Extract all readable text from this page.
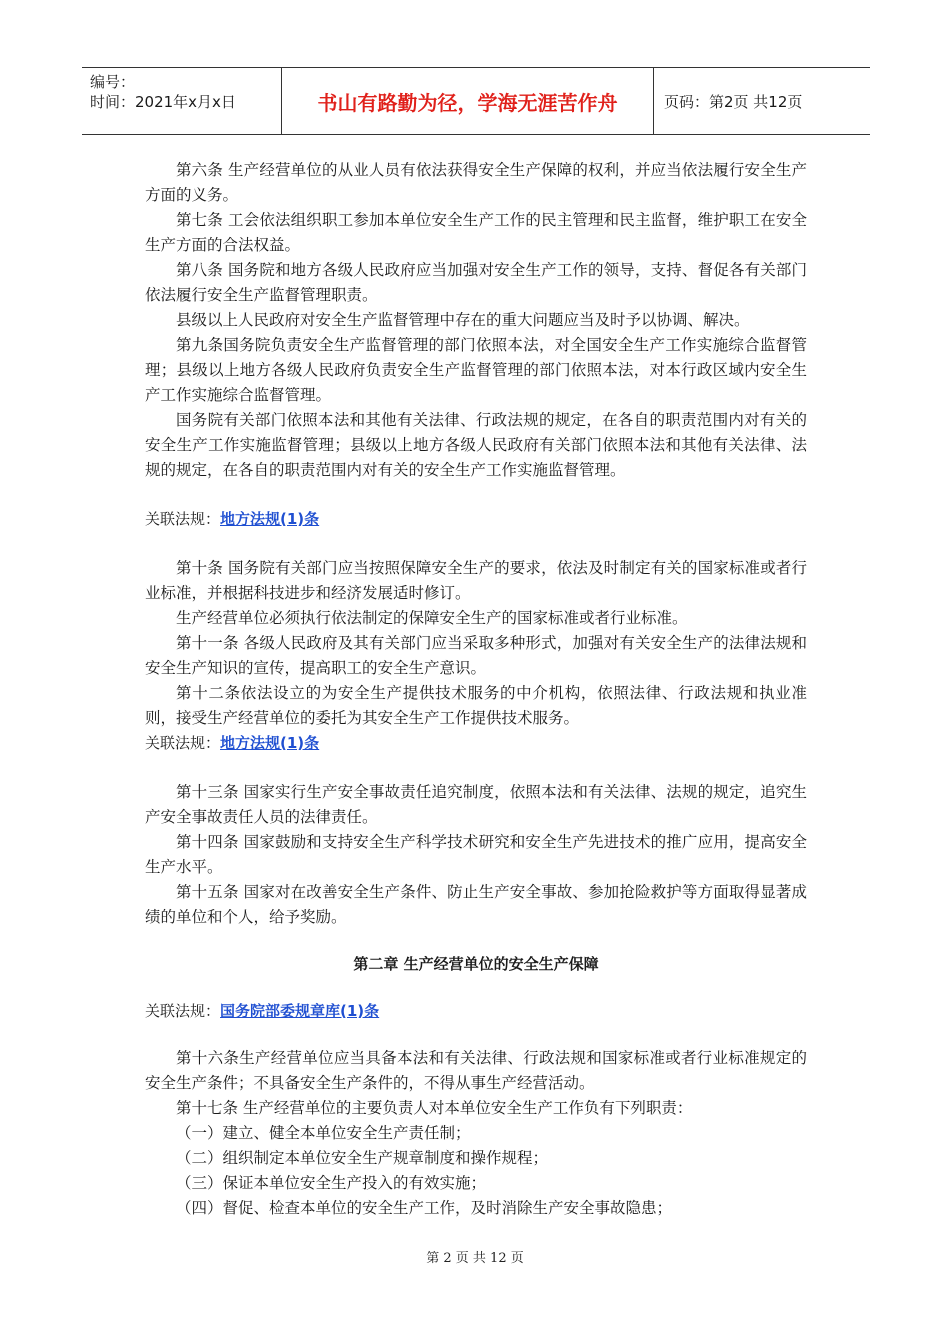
编号：
时间：2021年x月x日	书山有路勤为径，学海无涯苦作舟	页码：第2页 共12页

第六条 生产经营单位的从业人员有依法获得安全生产保障的权利，并应当依法履行安全生产方面的义务。

第七条 工会依法组织职工参加本单位安全生产工作的民主管理和民主监督，维护职工在安全生产方面的合法权益。

第八条 国务院和地方各级人民政府应当加强对安全生产工作的领导，支持、督促各有关部门依法履行安全生产监督管理职责。

县级以上人民政府对安全生产监督管理中存在的重大问题应当及时予以协调、解决。

第九条国务院负责安全生产监督管理的部门依照本法，对全国安全生产工作实施综合监督管理；县级以上地方各级人民政府负责安全生产监督管理的部门依照本法，对本行政区域内安全生产工作实施综合监督管理。

国务院有关部门依照本法和其他有关法律、行政法规的规定，在各自的职责范围内对有关的安全生产工作实施监督管理；县级以上地方各级人民政府有关部门依照本法和其他有关法律、法规的规定，在各自的职责范围内对有关的安全生产工作实施监督管理。

关联法规：地方法规(1)条

第十条 国务院有关部门应当按照保障安全生产的要求，依法及时制定有关的国家标准或者行业标准，并根据科技进步和经济发展适时修订。

生产经营单位必须执行依法制定的保障安全生产的国家标准或者行业标准。

第十一条 各级人民政府及其有关部门应当采取多种形式，加强对有关安全生产的法律法规和安全生产知识的宣传，提高职工的安全生产意识。

第十二条依法设立的为安全生产提供技术服务的中介机构，依照法律、行政法规和执业准则，接受生产经营单位的委托为其安全生产工作提供技术服务。

关联法规：地方法规(1)条

第十三条 国家实行生产安全事故责任追究制度，依照本法和有关法律、法规的规定，追究生产安全事故责任人员的法律责任。

第十四条 国家鼓励和支持安全生产科学技术研究和安全生产先进技术的推广应用，提高安全生产水平。

第十五条 国家对在改善安全生产条件、防止生产安全事故、参加抢险救护等方面取得显著成绩的单位和个人，给予奖励。

第二章 生产经营单位的安全生产保障

关联法规：国务院部委规章库(1)条

第十六条生产经营单位应当具备本法和有关法律、行政法规和国家标准或者行业标准规定的安全生产条件；不具备安全生产条件的，不得从事生产经营活动。

第十七条 生产经营单位的主要负责人对本单位安全生产工作负有下列职责：

（一）建立、健全本单位安全生产责任制；

（二）组织制定本单位安全生产规章制度和操作规程；

（三）保证本单位安全生产投入的有效实施；

（四）督促、检查本单位的安全生产工作，及时消除生产安全事故隐患；

第 2 页 共 12 页
